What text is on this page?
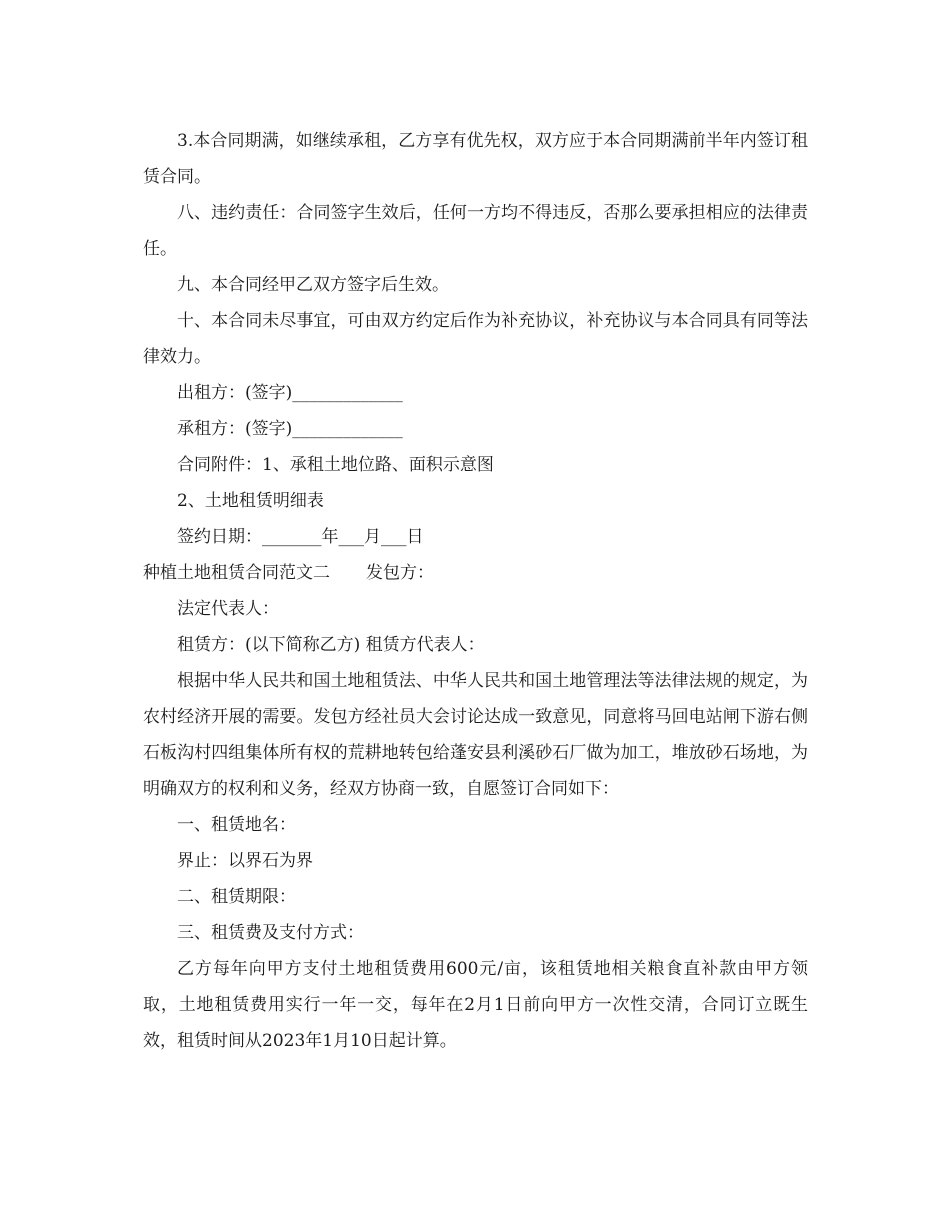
3.本合同期满，如继续承租，乙方享有优先权，双方应于本合同期满前半年内签订租赁合同。

八、违约责任：合同签字生效后，任何一方均不得违反，否那么要承担相应的法律责任。

九、本合同经甲乙双方签字后生效。

十、本合同未尽事宜，可由双方约定后作为补充协议，补充协议与本合同具有同等法律效力。

出租方：(签字)_____________

承租方：(签字)_____________

合同附件：1、承租土地位路、面积示意图

2、土地租赁明细表

签约日期：_______年___月___日

种植土地租赁合同范文二 发包方：

法定代表人：

租赁方：(以下简称乙方) 租赁方代表人：

根据中华人民共和国土地租赁法、中华人民共和国土地管理法等法律法规的规定，为农村经济开展的需要。发包方经社员大会讨论达成一致意见，同意将马回电站闸下游右侧石板沟村四组集体所有权的荒耕地转包给蓬安县利溪砂石厂做为加工，堆放砂石场地，为明确双方的权利和义务，经双方协商一致，自愿签订合同如下：

一、租赁地名：

界止：以界石为界

二、租赁期限：

三、租赁费及支付方式：

乙方每年向甲方支付土地租赁费用600元/亩，该租赁地相关粮食直补款由甲方领取，土地租赁费用实行一年一交，每年在2月1日前向甲方一次性交清，合同订立既生效，租赁时间从2023年1月10日起计算。
